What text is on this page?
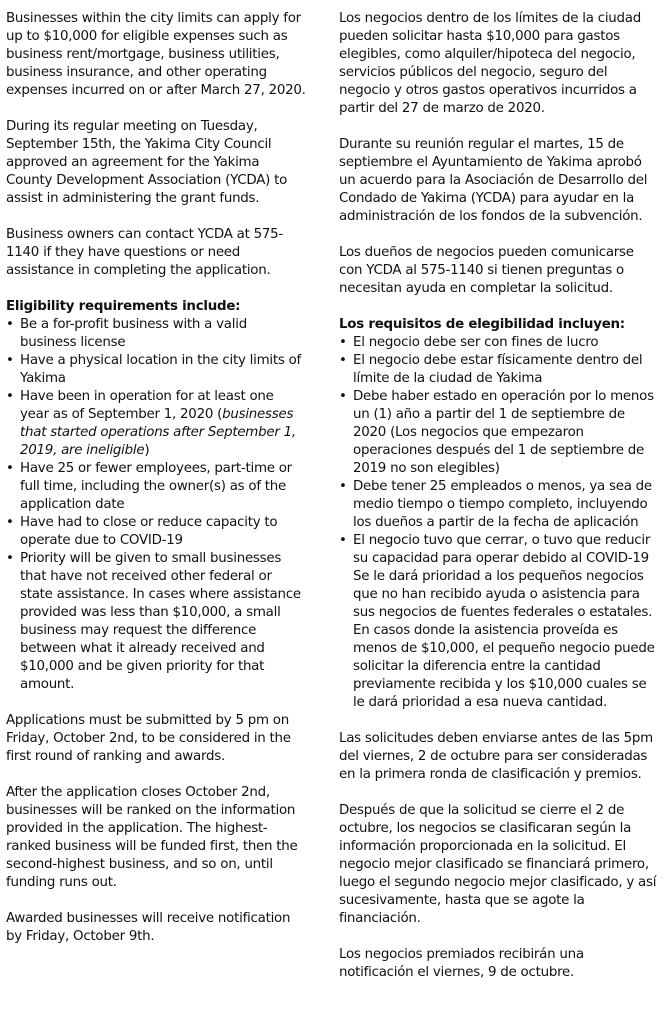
Businesses within the city limits can apply for up to $10,000 for eligible expenses such as business rent/mortgage, business utilities, business insurance, and other operating expenses incurred on or after March 27, 2020.

During its regular meeting on Tuesday, September 15th, the Yakima City Council approved an agreement for the Yakima County Development Association (YCDA) to assist in administering the grant funds.

Business owners can contact YCDA at 575-1140 if they have questions or need assistance in completing the application.

Eligibility requirements include:
• Be a for-profit business with a valid business license
• Have a physical location in the city limits of Yakima
• Have been in operation for at least one year as of September 1, 2020 (businesses that started operations after September 1, 2019, are ineligible)
• Have 25 or fewer employees, part-time or full time, including the owner(s) as of the application date
• Have had to close or reduce capacity to operate due to COVID-19
• Priority will be given to small businesses that have not received other federal or state assistance. In cases where assistance provided was less than $10,000, a small business may request the difference between what it already received and $10,000 and be given priority for that amount.

Applications must be submitted by 5 pm on Friday, October 2nd, to be considered in the first round of ranking and awards.

After the application closes October 2nd, businesses will be ranked on the information provided in the application. The highest-ranked business will be funded first, then the second-highest business, and so on, until funding runs out.

Awarded businesses will receive notification by Friday, October 9th.

Los negocios dentro de los límites de la ciudad pueden solicitar hasta $10,000 para gastos elegibles, como alquiler/hipoteca del negocio, servicios públicos del negocio, seguro del negocio y otros gastos operativos incurridos a partir del 27 de marzo de 2020.

Durante su reunión regular el martes, 15 de septiembre el Ayuntamiento de Yakima aprobó un acuerdo para la Asociación de Desarrollo del Condado de Yakima (YCDA) para ayudar en la administración de los fondos de la subvención.

Los dueños de negocios pueden comunicarse con YCDA al 575-1140 si tienen preguntas o necesitan ayuda en completar la solicitud.

Los requisitos de elegibilidad incluyen:
• El negocio debe ser con fines de lucro
• El negocio debe estar físicamente dentro del límite de la ciudad de Yakima
• Debe haber estado en operación por lo menos un (1) año a partir del 1 de septiembre de 2020 (Los negocios que empezaron operaciones después del 1 de septiembre de 2019 no son elegibles)
• Debe tener 25 empleados o menos, ya sea de medio tiempo o tiempo completo, incluyendo los dueños a partir de la fecha de aplicación
• El negocio tuvo que cerrar, o tuvo que reducir su capacidad para operar debido al COVID-19 Se le dará prioridad a los pequeños negocios que no han recibido ayuda o asistencia para sus negocios de fuentes federales o estatales. En casos donde la asistencia proveída es menos de $10,000, el pequeño negocio puede solicitar la diferencia entre la cantidad previamente recibida y los $10,000 cuales se le dará prioridad a esa nueva cantidad.

Las solicitudes deben enviarse antes de las 5pm del viernes, 2 de octubre para ser consideradas en la primera ronda de clasificación y premios.

Después de que la solicitud se cierre el 2 de octubre, los negocios se clasificaran según la información proporcionada en la solicitud. El negocio mejor clasificado se financiará primero, luego el segundo negocio mejor clasificado, y así sucesivamente, hasta que se agote la financiación.

Los negocios premiados recibirán una notificación el viernes, 9 de octubre.
